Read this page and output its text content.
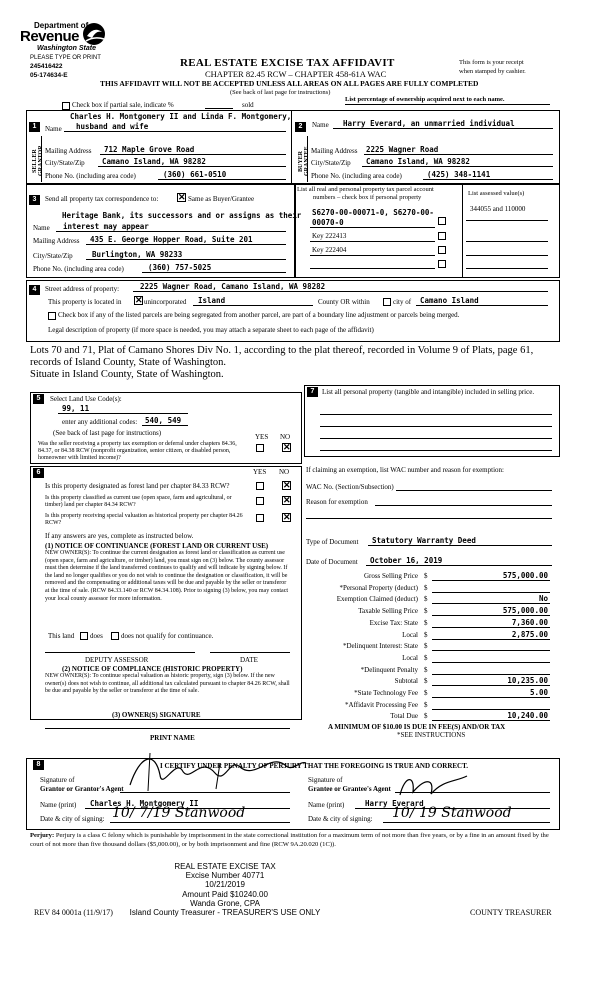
Department of
Revenue
Washington State
PLEASE TYPE OR PRINT
245416422
05-174634-E
REAL ESTATE EXCISE TAX AFFIDAVIT
CHAPTER 82.45 RCW – CHAPTER 458-61A WAC
THIS AFFIDAVIT WILL NOT BE ACCEPTED UNLESS ALL AREAS ON ALL PAGES ARE FULLY COMPLETED
(See back of last page for instructions)
This form is your receipt
when stamped by cashier.
Check box if partial sale, indicate %	sold
List percentage of ownership acquired next to each name.
1
SELLER
Charles H. Montgomery II and Linda F. Montgomery,
Name husband and wife
Mailing Address 712 Maple Grove Road
City/State/Zip Camano Island, WA 98282
Phone No. (including area code)	(360) 661-0510
2
BUYER
Name Harry Everard, an unmarried individual
Mailing Address 2225 Wagner Road
City/State/Zip Camano Island, WA 98282
Phone No. (including area code)	(425) 348-1141
3	Send all property tax correspondence to: ✕ Same as Buyer/Grantee
Heritage Bank, its successors and or assigns as their
Name interest may appear
Mailing Address 435 E. George Hopper Road, Suite 201
City/State/Zip	Burlington, WA 98233
Phone No. (including area code)	(360) 757-5025
List all real and personal property tax parcel account
numbers – check box if personal property
List assessed value(s)
S6270-00-00071-0, S6270-00-
00070-0
344055 and 110000
Key 222413
Key 222404
4	Street address of property:	2225 Wagner Road, Camano Island, WA 98282
This property is located in ✕ unincorporated Island	County OR within	city of Camano Island
Check box if any of the listed parcels are being segregated from another parcel, are part of a boundary line adjustment or parcels being merged.
Legal description of property (if more space is needed, you may attach a separate sheet to each page of the affidavit)
Lots 70 and 71, Plat of Camano Shores Div No. 1, according to the plat thereof, recorded in Volume 9 of Plats, page 61,
records of Island County, State of Washington.
Situate in Island County, State of Washington.
5	Select Land Use Code(s):
99, 11
enter any additional codes: 540, 549
(See back of last page for instructions)	YES NO
Was the seller receiving a property tax exemption or deferral under chapters 84.36, 84.37, or 84.38 RCW (nonprofit organization, senior citizen, or disabled person, homeowner with limited income)?
✕
6	YES NO
Is this property designated as forest land per chapter 84.33 RCW?	✕
Is this property classified as current use (open space, farm and agricultural, or timber) land per chapter 84.34 RCW?	✕
Is this property receiving special valuation as historical property per chapter 84.26 RCW?
✕
If any answers are yes, complete as instructed below.
(1) NOTICE OF CONTINUANCE (FOREST LAND OR CURRENT USE)
NEW OWNER(S): To continue the current designation as forest land or classification as current use (open space, farm and agriculture, or timber) land, you must sign on (3) below. The county assessor must then determine if the land transferred continues to qualify and will indicate by signing below. If the land no longer qualifies or you do not wish to continue the designation or classification, it will be removed and the compensating or additional taxes will be due and payable by the seller or transferor at the time of sale. (RCW 84.33.140 or RCW 84.34.108). Prior to signing (3) below, you may contact your local county assessor for more information.
This land does	does not qualify for continuance.
DEPUTY ASSESSOR	DATE
(2) NOTICE OF COMPLIANCE (HISTORIC PROPERTY)
NEW OWNER(S): To continue special valuation as historic property, sign (3) below. If the new owner(s) does not wish to continue, all additional tax calculated pursuant to chapter 84.26 RCW, shall be due and payable by the seller or transferor at the time of sale.
(3) OWNER(S) SIGNATURE
PRINT NAME
7	List all personal property (tangible and intangible) included in selling price.
If claiming an exemption, list WAC number and reason for exemption:
WAC No. (Section/Subsection)
Reason for exemption
Type of Document Statutory Warranty Deed
Date of Document October 16, 2019
Gross Selling Price $	575,000.00
*Personal Property (deduct) $
Exemption Claimed (deduct) $	No
Taxable Selling Price $	575,000.00
Excise Tax: State $	7,360.00
Local $	2,875.00
*Delinquent Interest: State $
Local $
*Delinquent Penalty $
Subtotal $	10,235.00
*State Technology Fee $	5.00
*Affidavit Processing Fee $
Total Due $	10,240.00
A MINIMUM OF $10.00 IS DUE IN FEE(S) AND/OR TAX
*SEE INSTRUCTIONS
8	I CERTIFY UNDER PENALTY OF PERJURY THAT THE FOREGOING IS TRUE AND CORRECT.
Signature of
Grantor or Grantor's Agent
Signature of
Grantee or Grantee's Agent
Name (print) Charles H. Montgomery II	Name (print)	Harry Everard
Date & city of signing: 10/ 7/19 Stanwood	Date & city of signing: 10/ 19 Stanwood
Perjury: Perjury is a class C felony which is punishable by imprisonment in the state correctional institution for a maximum term of not more than five years, or by a fine in an amount fixed by the court of not more than five thousand dollars ($5,000.00), or by both imprisonment and fine (RCW 9A.20.020 (1C)).
REAL ESTATE EXCISE TAX
Excise Number 40771
10/21/2019
Amount Paid $10240.00
Wanda Grone, CPA
Island County Treasurer - TREASURER'S USE ONLY
REV 84 0001a (11/9/17)	COUNTY TREASURER
